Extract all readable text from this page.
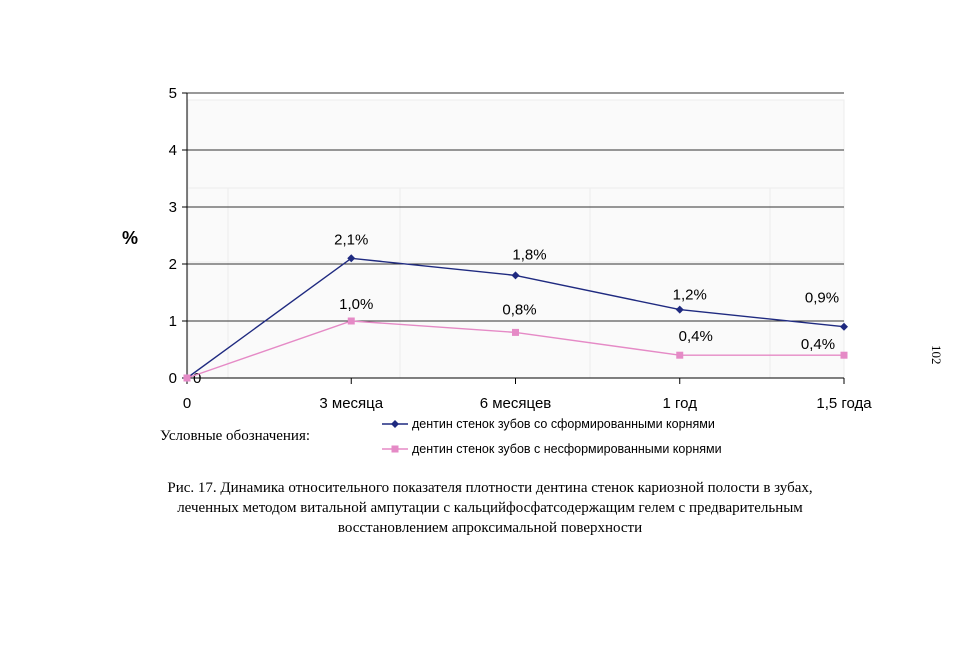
0
1
2
3
4
5
0	3 месяца	6 месяцев	1 год	1,5 года
%
0
2,1%
1,8%
1,2%	0,9%
1,0%	0,8%
0,4%	0,4%
дентин стенок зубов со сформированными корнями
дентин стенок зубов с несформированными корнями
Условные обозначения:
Рис. 17. Динамика относительного показателя плотности дентина стенок кариозной полости в зубах, леченных методом витальной ампутации с кальцийфосфатсодержащим гелем с предварительным восстановлением апроксимальной поверхности
102
